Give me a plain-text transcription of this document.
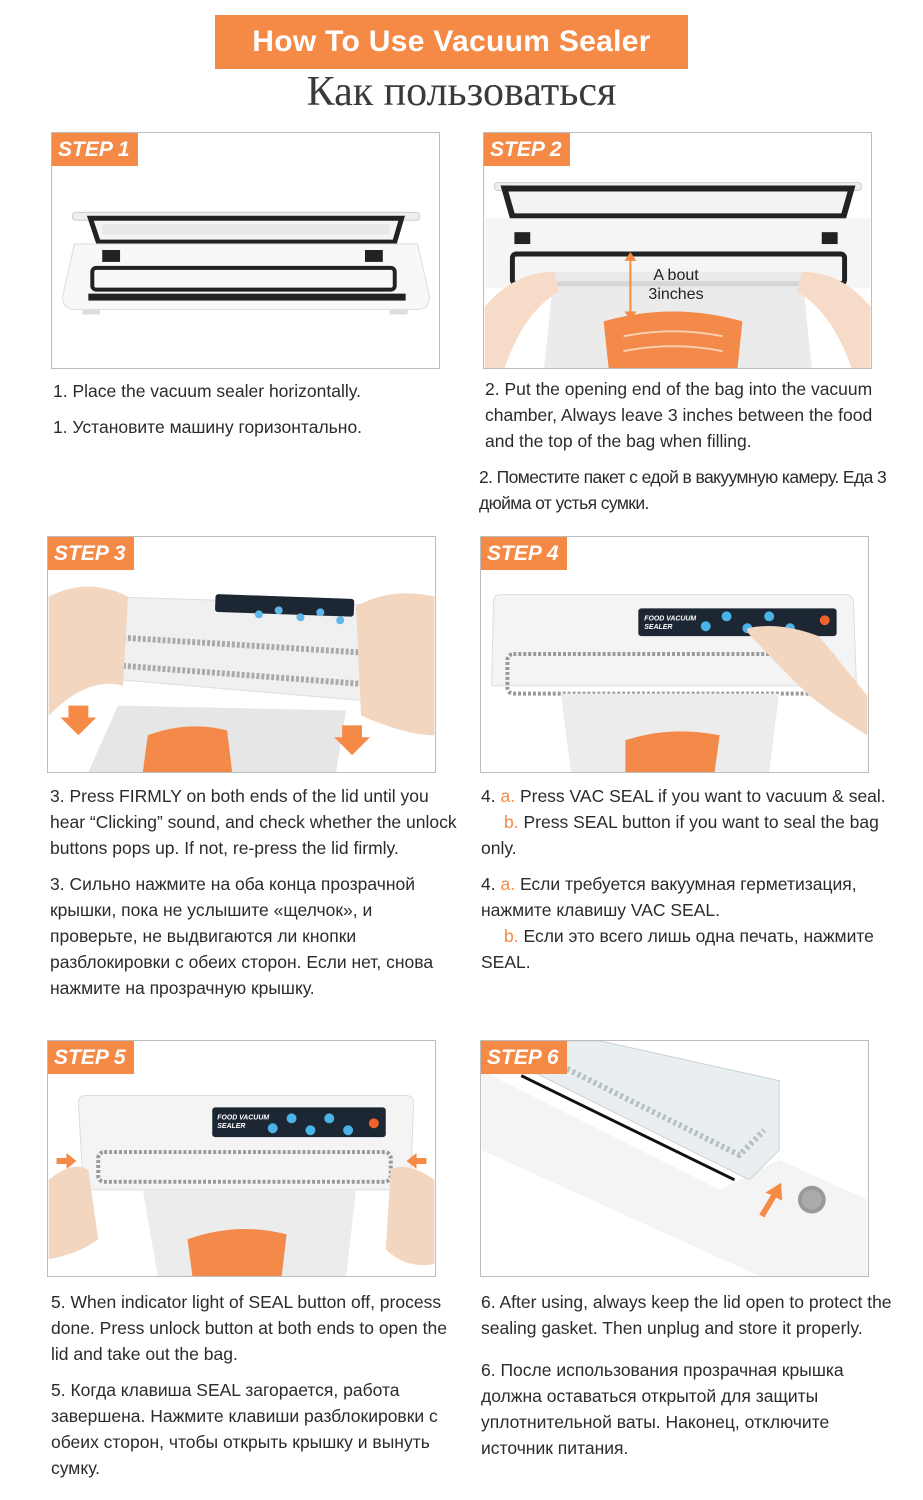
How To Use Vacuum Sealer
Как пользоваться
STEP 1

1. Place the vacuum sealer horizontally.

1. Установите машину горизонтально.

STEP 2
A bout
3inches

2. Put the opening end of the bag into the vacuum chamber, Always leave 3 inches between the food and the top of the bag when filling.

2. Поместите пакет с едой в вакуумную камеру. Еда 3 дюйма от устья сумки.

STEP 3

3. Press FIRMLY on both ends of the lid until you hear “Clicking” sound, and check whether the unlock buttons pops up. If not, re-press the lid firmly.

3. Сильно нажмите на оба конца прозрачной крышки, пока не услышите «щелчок», и проверьте, не выдвигаются ли кнопки разблокировки с обеих сторон. Если нет, снова нажмите на прозрачную крышку.

STEP 4
FOOD VACUUM
SEALER

4. a. Press VAC SEAL if you want to vacuum & seal.

b. Press SEAL button if you want to seal the bag only.

4. a. Если требуется вакуумная герметизация, нажмите клавишу VAC SEAL.

b. Если это всего лишь одна печать, нажмите SEAL.

STEP 5
FOOD VACUUM
SEALER

5. When indicator light of SEAL button off, process done. Press unlock button at both ends to open the lid and take out the bag.

5. Когда клавиша SEAL загорается, работа завершена. Нажмите клавиши разблокировки с обеих сторон, чтобы открыть крышку и вынуть сумку.

STEP 6

6. After using, always keep the lid open to protect the sealing gasket. Then unplug and store it properly.

6. После использования прозрачная крышка должна оставаться открытой для защиты уплотнительной ваты. Наконец, отключите источник питания.
